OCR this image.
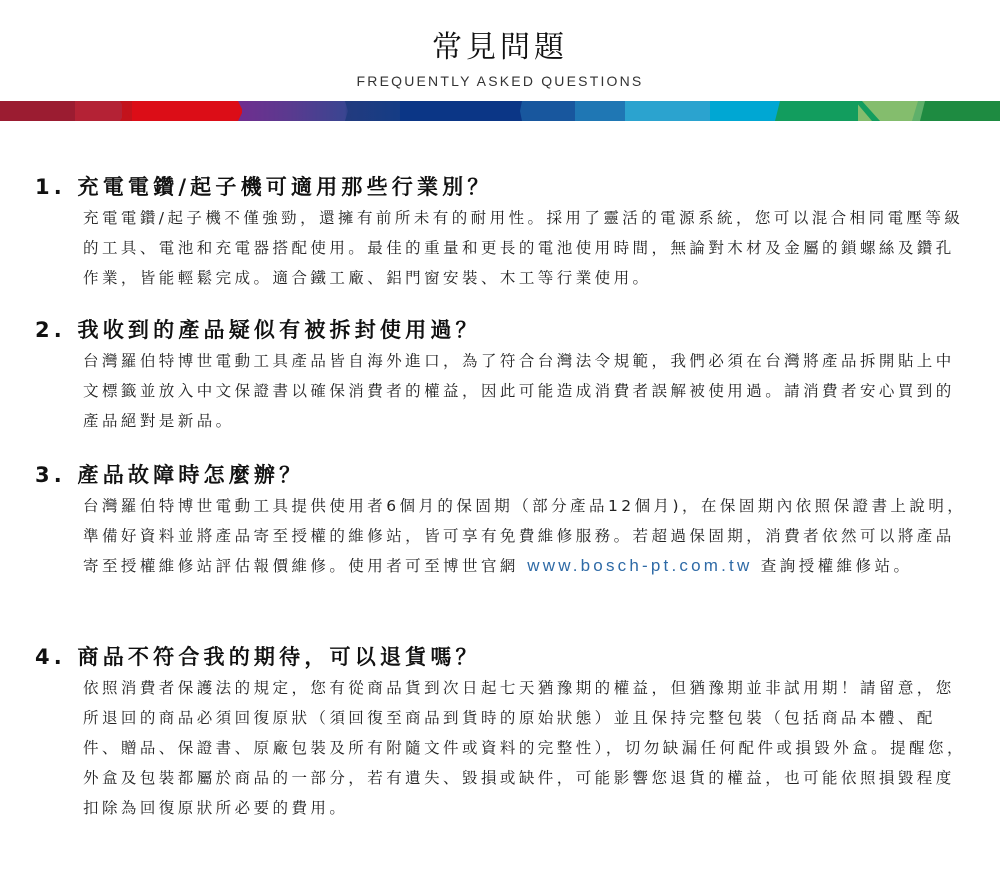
常見問題
FREQUENTLY ASKED QUESTIONS
1. 充電電鑽/起子機可適用那些行業別？

充電電鑽/起子機不僅強勁，還擁有前所未有的耐用性。採用了靈活的電源系統，您可以混合相同電壓等級的工具、電池和充電器搭配使用。最佳的重量和更長的電池使用時間，無論對木材及金屬的鎖螺絲及鑽孔作業，皆能輕鬆完成。適合鐵工廠、鋁門窗安裝、木工等行業使用。

2. 我收到的產品疑似有被拆封使用過？

台灣羅伯特博世電動工具產品皆自海外進口，為了符合台灣法令規範，我們必須在台灣將產品拆開貼上中文標籤並放入中文保證書以確保消費者的權益，因此可能造成消費者誤解被使用過。請消費者安心買到的產品絕對是新品。

3. 產品故障時怎麼辦？

台灣羅伯特博世電動工具提供使用者6個月的保固期（部分產品12個月)，在保固期內依照保證書上說明，準備好資料並將產品寄至授權的維修站，皆可享有免費維修服務。若超過保固期，消費者依然可以將產品寄至授權維修站評估報價維修。使用者可至博世官網 www.bosch-pt.com.tw 查詢授權維修站。

4. 商品不符合我的期待，可以退貨嗎？

依照消費者保護法的規定，您有從商品貨到次日起七天猶豫期的權益，但猶豫期並非試用期！請留意，您所退回的商品必須回復原狀（須回復至商品到貨時的原始狀態）並且保持完整包裝（包括商品本體、配件、贈品、保證書、原廠包裝及所有附隨文件或資料的完整性），切勿缺漏任何配件或損毀外盒。提醒您，外盒及包裝都屬於商品的一部分，若有遺失、毀損或缺件，可能影響您退貨的權益，也可能依照損毀程度扣除為回復原狀所必要的費用。
